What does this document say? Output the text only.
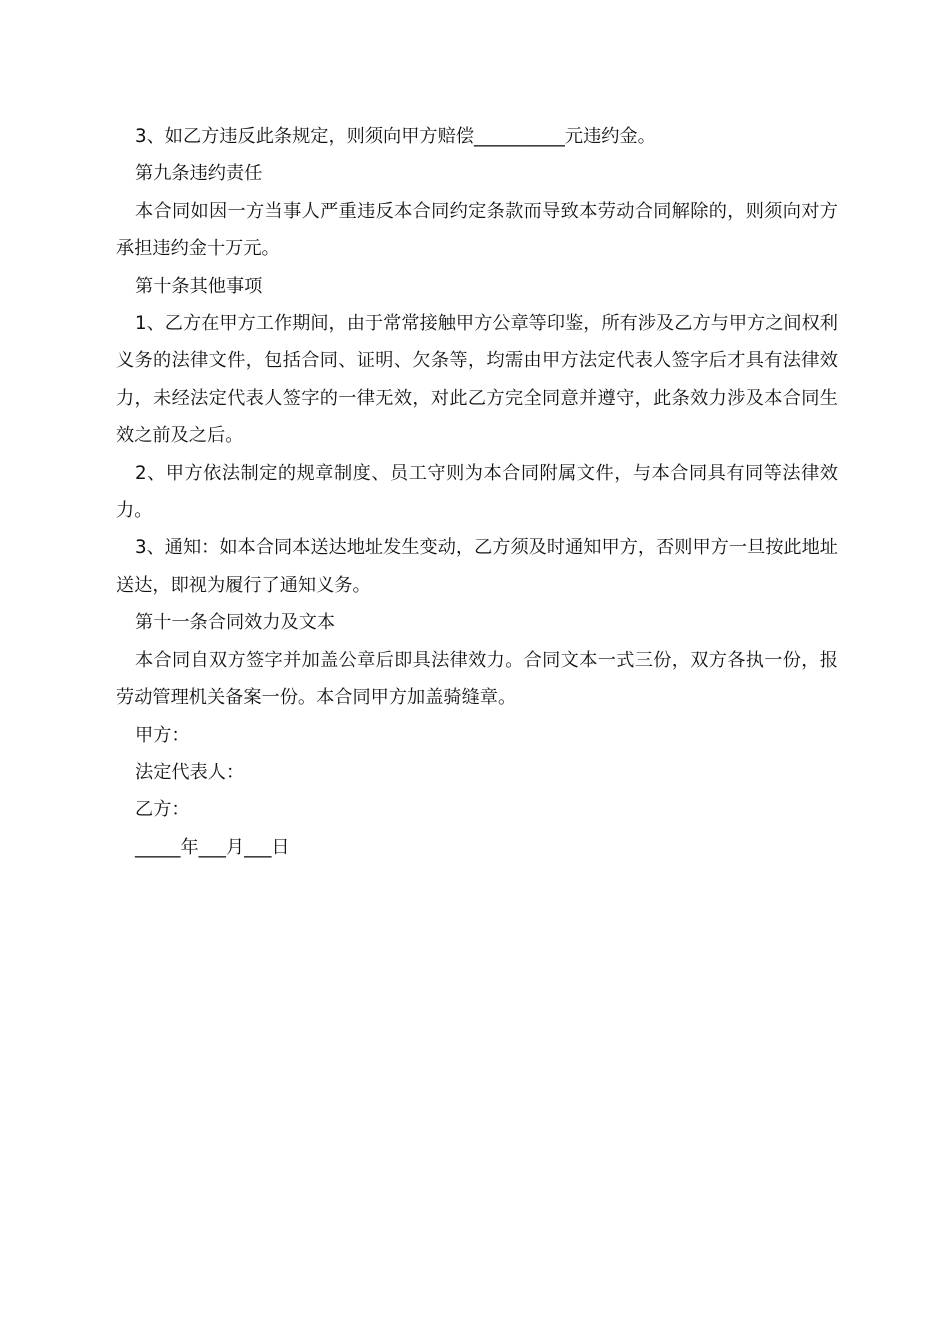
3、如乙方违反此条规定，则须向甲方赔偿__________元违约金。

第九条违约责任

本合同如因一方当事人严重违反本合同约定条款而导致本劳动合同解除的，则须向对方承担违约金十万元。

第十条其他事项

1、乙方在甲方工作期间，由于常常接触甲方公章等印鉴，所有涉及乙方与甲方之间权利义务的法律文件，包括合同、证明、欠条等，均需由甲方法定代表人签字后才具有法律效力，未经法定代表人签字的一律无效，对此乙方完全同意并遵守，此条效力涉及本合同生效之前及之后。

2、甲方依法制定的规章制度、员工守则为本合同附属文件，与本合同具有同等法律效力。

3、通知：如本合同本送达地址发生变动，乙方须及时通知甲方，否则甲方一旦按此地址送达，即视为履行了通知义务。

第十一条合同效力及文本

本合同自双方签字并加盖公章后即具法律效力。合同文本一式三份，双方各执一份，报劳动管理机关备案一份。本合同甲方加盖骑缝章。

甲方：

法定代表人：

乙方：

_____年___月___日
